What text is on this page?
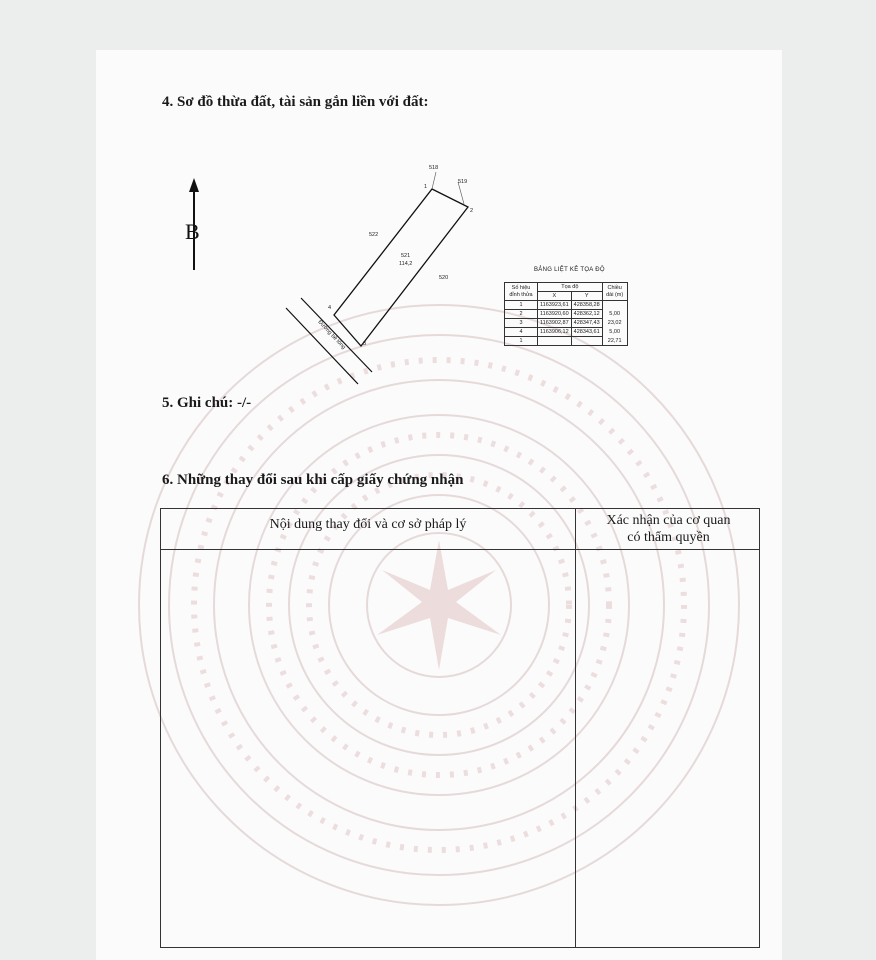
4. Sơ đồ thừa đất, tài sản gắn liền với đất:
B
Đường bê tông
518
519
522
520
521
114,2
1
2
3
4
BẢNG LIỆT KÊ TỌA ĐỘ
Số hiệu đỉnh thửa	Tọa độ		Chiều dài (m)
	X	Y	
1	1163923,61	428358,28	
2	1163920,60	428362,12	5,00
3	1163902,87	428347,43	23,02
4	1163906,12	428343,61	5,00
1			22,71
5. Ghi chú: -/-
6. Những thay đổi sau khi cấp giấy chứng nhận
Nội dung thay đổi và cơ sở pháp lý	Xác nhận của cơ quan
có thẩm quyền
